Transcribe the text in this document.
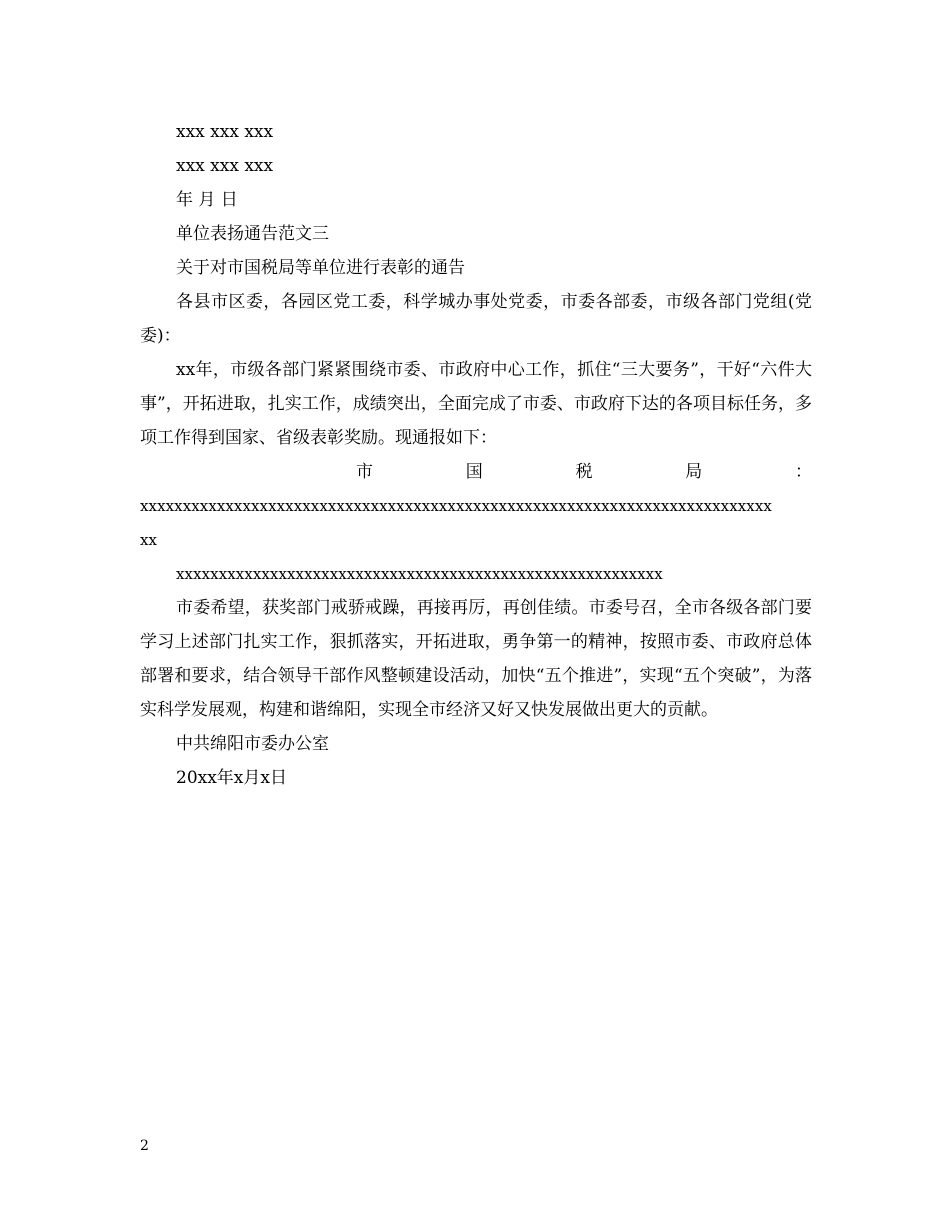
xxx xxx xxx
xxx xxx xxx
年 月 日
单位表扬通告范文三
关于对市国税局等单位进行表彰的通告
各县市区委，各园区党工委，科学城办事处党委，市委各部委，市级各部门党组(党委)：
xx年，市级各部门紧紧围绕市委、市政府中心工作，抓住“三大要务”，干好“六件大事”，开拓进取，扎实工作，成绩突出，全面完成了市委、市政府下达的各项目标任务，多项工作得到国家、省级表彰奖励。现通报如下：
市	国	税	局	：
xxxxxxxxxxxxxxxxxxxxxxxxxxxxxxxxxxxxxxxxxxxxxxxxxxxxxxxxxxxxxxxxxxxxxxxxxx
xx
xxxxxxxxxxxxxxxxxxxxxxxxxxxxxxxxxxxxxxxxxxxxxxxxxxxxxxxxx
市委希望，获奖部门戒骄戒躁，再接再厉，再创佳绩。市委号召，全市各级各部门要学习上述部门扎实工作，狠抓落实，开拓进取，勇争第一的精神，按照市委、市政府总体部署和要求，结合领导干部作风整顿建设活动，加快“五个推进”，实现“五个突破”，为落实科学发展观，构建和谐绵阳，实现全市经济又好又快发展做出更大的贡献。
中共绵阳市委办公室
20xx年x月x日
2
